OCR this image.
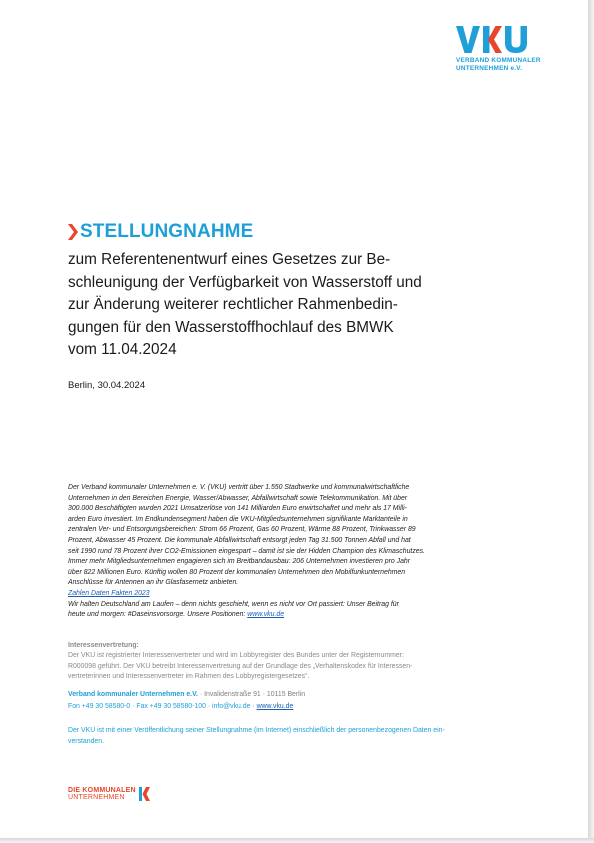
VERBAND KOMMUNALER
UNTERNEHMEN e.V.
STELLUNGNAHME
zum Referentenentwurf eines Gesetzes zur Be-
schleunigung der Verfügbarkeit von Wasserstoff und
zur Änderung weiterer rechtlicher Rahmenbedin-
gungen für den Wasserstoffhochlauf des BMWK
vom 11.04.2024
Berlin, 30.04.2024
Der Verband kommunaler Unternehmen e. V. (VKU) vertritt über 1.550 Stadtwerke und kommunalwirtschaftliche
Unternehmen in den Bereichen Energie, Wasser/Abwasser, Abfallwirtschaft sowie Telekommunikation. Mit über
300.000 Beschäftigten wurden 2021 Umsatzerlöse von 141 Milliarden Euro erwirtschaftet und mehr als 17 Milli-
arden Euro investiert. Im Endkundensegment haben die VKU-Mitgliedsunternehmen signifikante Marktanteile in
zentralen Ver- und Entsorgungsbereichen: Strom 66 Prozent, Gas 60 Prozent, Wärme 88 Prozent, Trinkwasser 89
Prozent, Abwasser 45 Prozent. Die kommunale Abfallwirtschaft entsorgt jeden Tag 31.500 Tonnen Abfall und hat
seit 1990 rund 78 Prozent ihrer CO2-Emissionen eingespart – damit ist sie der Hidden Champion des Klimaschutzes.
Immer mehr Mitgliedsunternehmen engagieren sich im Breitbandausbau: 206 Unternehmen investieren pro Jahr
über 822 Millionen Euro. Künftig wollen 80 Prozent der kommunalen Unternehmen den Mobilfunkunternehmen
Anschlüsse für Antennen an ihr Glasfasernetz anbieten.
Zahlen Daten Fakten 2023
Wir halten Deutschland am Laufen – denn nichts geschieht, wenn es nicht vor Ort passiert: Unser Beitrag für
heute und morgen: #Daseinsvorsorge. Unsere Positionen: www.vku.de
Interessenvertretung:
Der VKU ist registrierter Interessenvertreter und wird im Lobbyregister des Bundes unter der Registernummer:
R000098 geführt. Der VKU betreibt Interessenvertretung auf der Grundlage des „Verhaltenskodex für Interessen-
vertreterinnen und Interessenvertreter im Rahmen des Lobbyregistergesetzes“.
Verband kommunaler Unternehmen e.V. · Invalidenstraße 91 · 10115 Berlin
Fon +49 30 58580-0 · Fax +49 30 58580-100 · info@vku.de · www.vku.de
Der VKU ist mit einer Veröffentlichung seiner Stellungnahme (im Internet) einschließlich der personenbezogenen Daten ein-
verstanden.
DIE KOMMUNALEN
UNTERNEHMEN
